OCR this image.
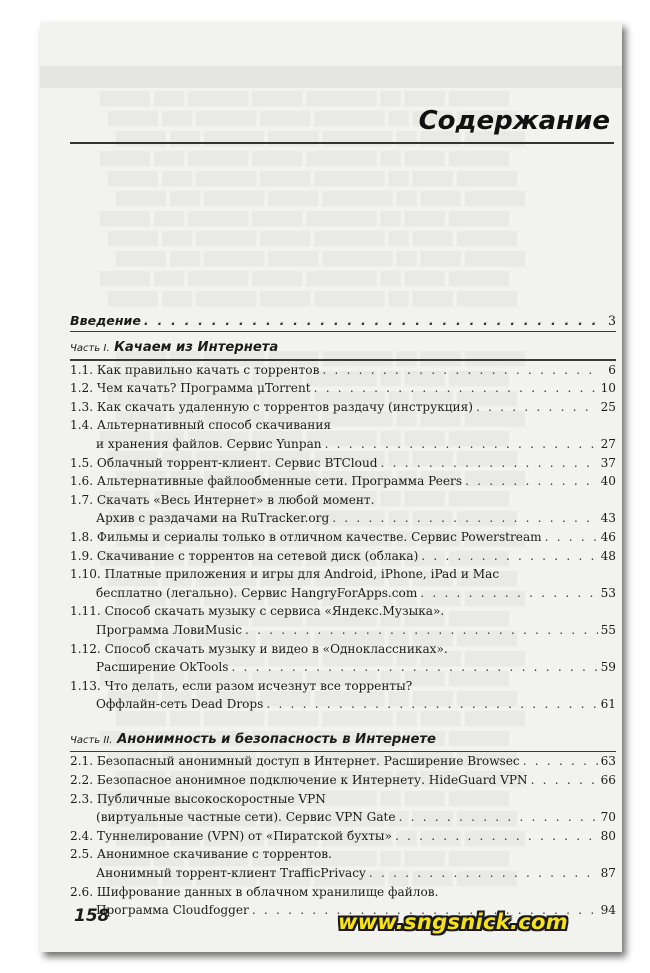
Содержание
Введение . . .	3
Часть I. Качаем из Интернета
1.1. Как правильно качать с торрентов . . .	6
1.2. Чем качать? Программа μTorrent . . .	10
1.3. Как скачать удаленную с торрентов раздачу (инструкция) . . .	25
1.4. Альтернативный способ скачивания
и хранения файлов. Сервис Yunpan . . .	27
1.5. Облачный торрент-клиент. Сервис BTCloud . . .	37
1.6. Альтернативные файлообменные сети. Программа Peers . . .	40
1.7. Скачать «Весь Интернет» в любой момент.
Архив с раздачами на RuTracker.org . . .	43
1.8. Фильмы и сериалы только в отличном качестве. Сервис Powerstream . . .	46
1.9. Скачивание с торрентов на сетевой диск (облака) . . .	48
1.10. Платные приложения и игры для Android, iPhone, iPad и Mac
бесплатно (легально). Сервис HangryForApps.com . . .	53
1.11. Способ скачать музыку с сервиса «Яндекс.Музыка».
Программа ЛовиMusic . . .	55
1.12. Способ скачать музыку и видео в «Одноклассниках».
Расширение OkTools . . .	59
1.13. Что делать, если разом исчезнут все торренты?
Оффлайн-сеть Dead Drops . . .	61
Часть II. Анонимность и безопасность в Интернете
2.1. Безопасный анонимный доступ в Интернет. Расширение Browsec . . .	63
2.2. Безопасное анонимное подключение к Интернету. HideGuard VPN . . .	66
2.3. Публичные высокоскоростные VPN
(виртуальные частные сети). Сервис VPN Gate . . .	70
2.4. Туннелирование (VPN) от «Пиратской бухты» . . .	80
2.5. Анонимное скачивание с торрентов.
Анонимный торрент-клиент TrafficPrivacy . . .	87
2.6. Шифрование данных в облачном хранилище файлов.
Программа Cloudfogger . . .	94
158	www.sngsnick.com
